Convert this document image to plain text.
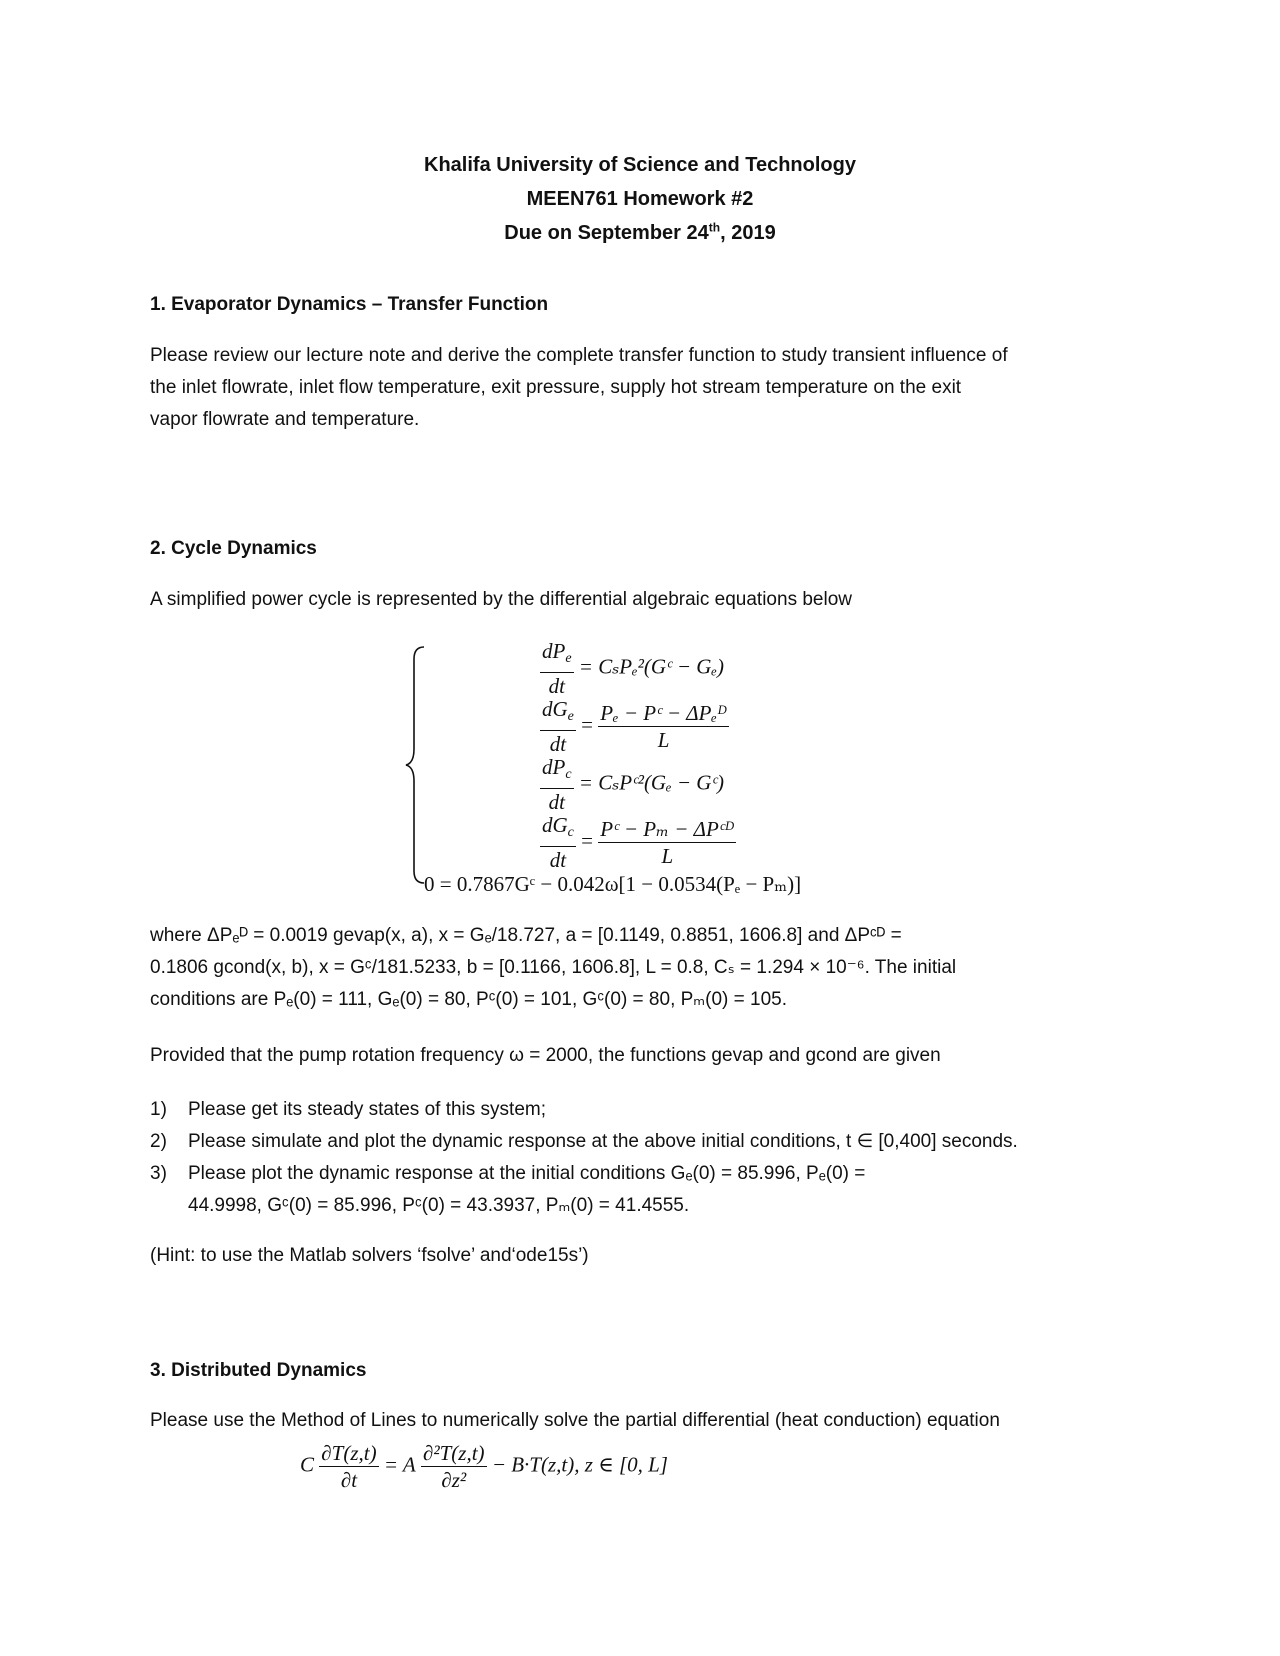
Khalifa University of Science and Technology
MEEN761 Homework #2
Due on September 24th, 2019
1. Evaporator Dynamics – Transfer Function
Please review our lecture note and derive the complete transfer function to study transient influence of
the inlet flowrate, inlet flow temperature, exit pressure, supply hot stream temperature on the exit
vapor flowrate and temperature.
2. Cycle Dynamics
A simplified power cycle is represented by the differential algebraic equations below
$\frac{dP_e}{dt}$ = CₛPₑ²(Gᶜ − Gₑ)
$\frac{dG_e}{dt} = \frac{\text{Pₑ − Pᶜ − ΔPₑᴰ}}{L}$
$\frac{dP_c}{dt}$ = CₛPᶜ²(Gₑ − Gᶜ)
$\frac{dG_c}{dt} = \frac{\text{Pᶜ − Pₘ − ΔPᶜᴰ}}{L}$
0 = 0.7867Gᶜ − 0.042ω[1 − 0.0534(Pₑ − Pₘ)]
where ΔPₑᴰ = 0.0019 gevap(x, a), x = Gₑ/18.727, a = [0.1149, 0.8851, 1606.8] and ΔPᶜᴰ =
0.1806 gcond(x, b), x = Gᶜ/181.5233, b = [0.1166, 1606.8], L = 0.8, Cₛ = 1.294 × 10⁻⁶. The initial
conditions are Pₑ(0) = 111, Gₑ(0) = 80, Pᶜ(0) = 101, Gᶜ(0) = 80, Pₘ(0) = 105.
Provided that the pump rotation frequency ω = 2000, the functions gevap and gcond are given
1) Please get its steady states of this system;
2) Please simulate and plot the dynamic response at the above initial conditions, t ∈ [0,400] seconds.
3) Please plot the dynamic response at the initial conditions Gₑ(0) = 85.996, Pₑ(0) =
44.9998, Gᶜ(0) = 85.996, Pᶜ(0) = 43.3937, Pₘ(0) = 41.4555.
(Hint: to use the Matlab solvers ‘fsolve’ and‘ode15s’)
3. Distributed Dynamics
Please use the Method of Lines to numerically solve the partial differential (heat conduction) equation
C $\frac{\partial T(z,t)}{\partial t} = A \frac{\text{∂²T(z,t)}}{\text{∂z²}} - B\cdot T(z,t)$, z ∈ [0, L]
